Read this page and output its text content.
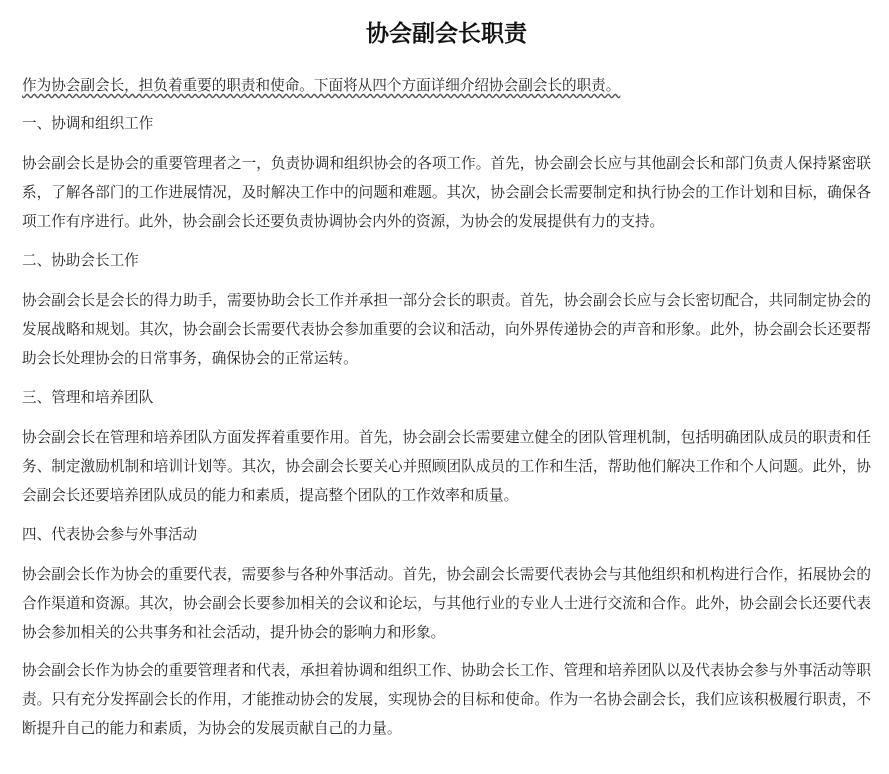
协会副会长职责

作为协会副会长，担负着重要的职责和使命。下面将从四个方面详细介绍协会副会长的职责。

一、协调和组织工作

协会副会长是协会的重要管理者之一，负责协调和组织协会的各项工作。首先，协会副会长应与其他副会长和部门负责人保持紧密联系，了解各部门的工作进展情况，及时解决工作中的问题和难题。其次，协会副会长需要制定和执行协会的工作计划和目标，确保各项工作有序进行。此外，协会副会长还要负责协调协会内外的资源，为协会的发展提供有力的支持。

二、协助会长工作

协会副会长是会长的得力助手，需要协助会长工作并承担一部分会长的职责。首先，协会副会长应与会长密切配合，共同制定协会的发展战略和规划。其次，协会副会长需要代表协会参加重要的会议和活动，向外界传递协会的声音和形象。此外，协会副会长还要帮助会长处理协会的日常事务，确保协会的正常运转。

三、管理和培养团队

协会副会长在管理和培养团队方面发挥着重要作用。首先，协会副会长需要建立健全的团队管理机制，包括明确团队成员的职责和任务、制定激励机制和培训计划等。其次，协会副会长要关心并照顾团队成员的工作和生活，帮助他们解决工作和个人问题。此外，协会副会长还要培养团队成员的能力和素质，提高整个团队的工作效率和质量。

四、代表协会参与外事活动

协会副会长作为协会的重要代表，需要参与各种外事活动。首先，协会副会长需要代表协会与其他组织和机构进行合作，拓展协会的合作渠道和资源。其次，协会副会长要参加相关的会议和论坛，与其他行业的专业人士进行交流和合作。此外，协会副会长还要代表协会参加相关的公共事务和社会活动，提升协会的影响力和形象。

协会副会长作为协会的重要管理者和代表，承担着协调和组织工作、协助会长工作、管理和培养团队以及代表协会参与外事活动等职责。只有充分发挥副会长的作用，才能推动协会的发展，实现协会的目标和使命。作为一名协会副会长，我们应该积极履行职责，不断提升自己的能力和素质，为协会的发展贡献自己的力量。
